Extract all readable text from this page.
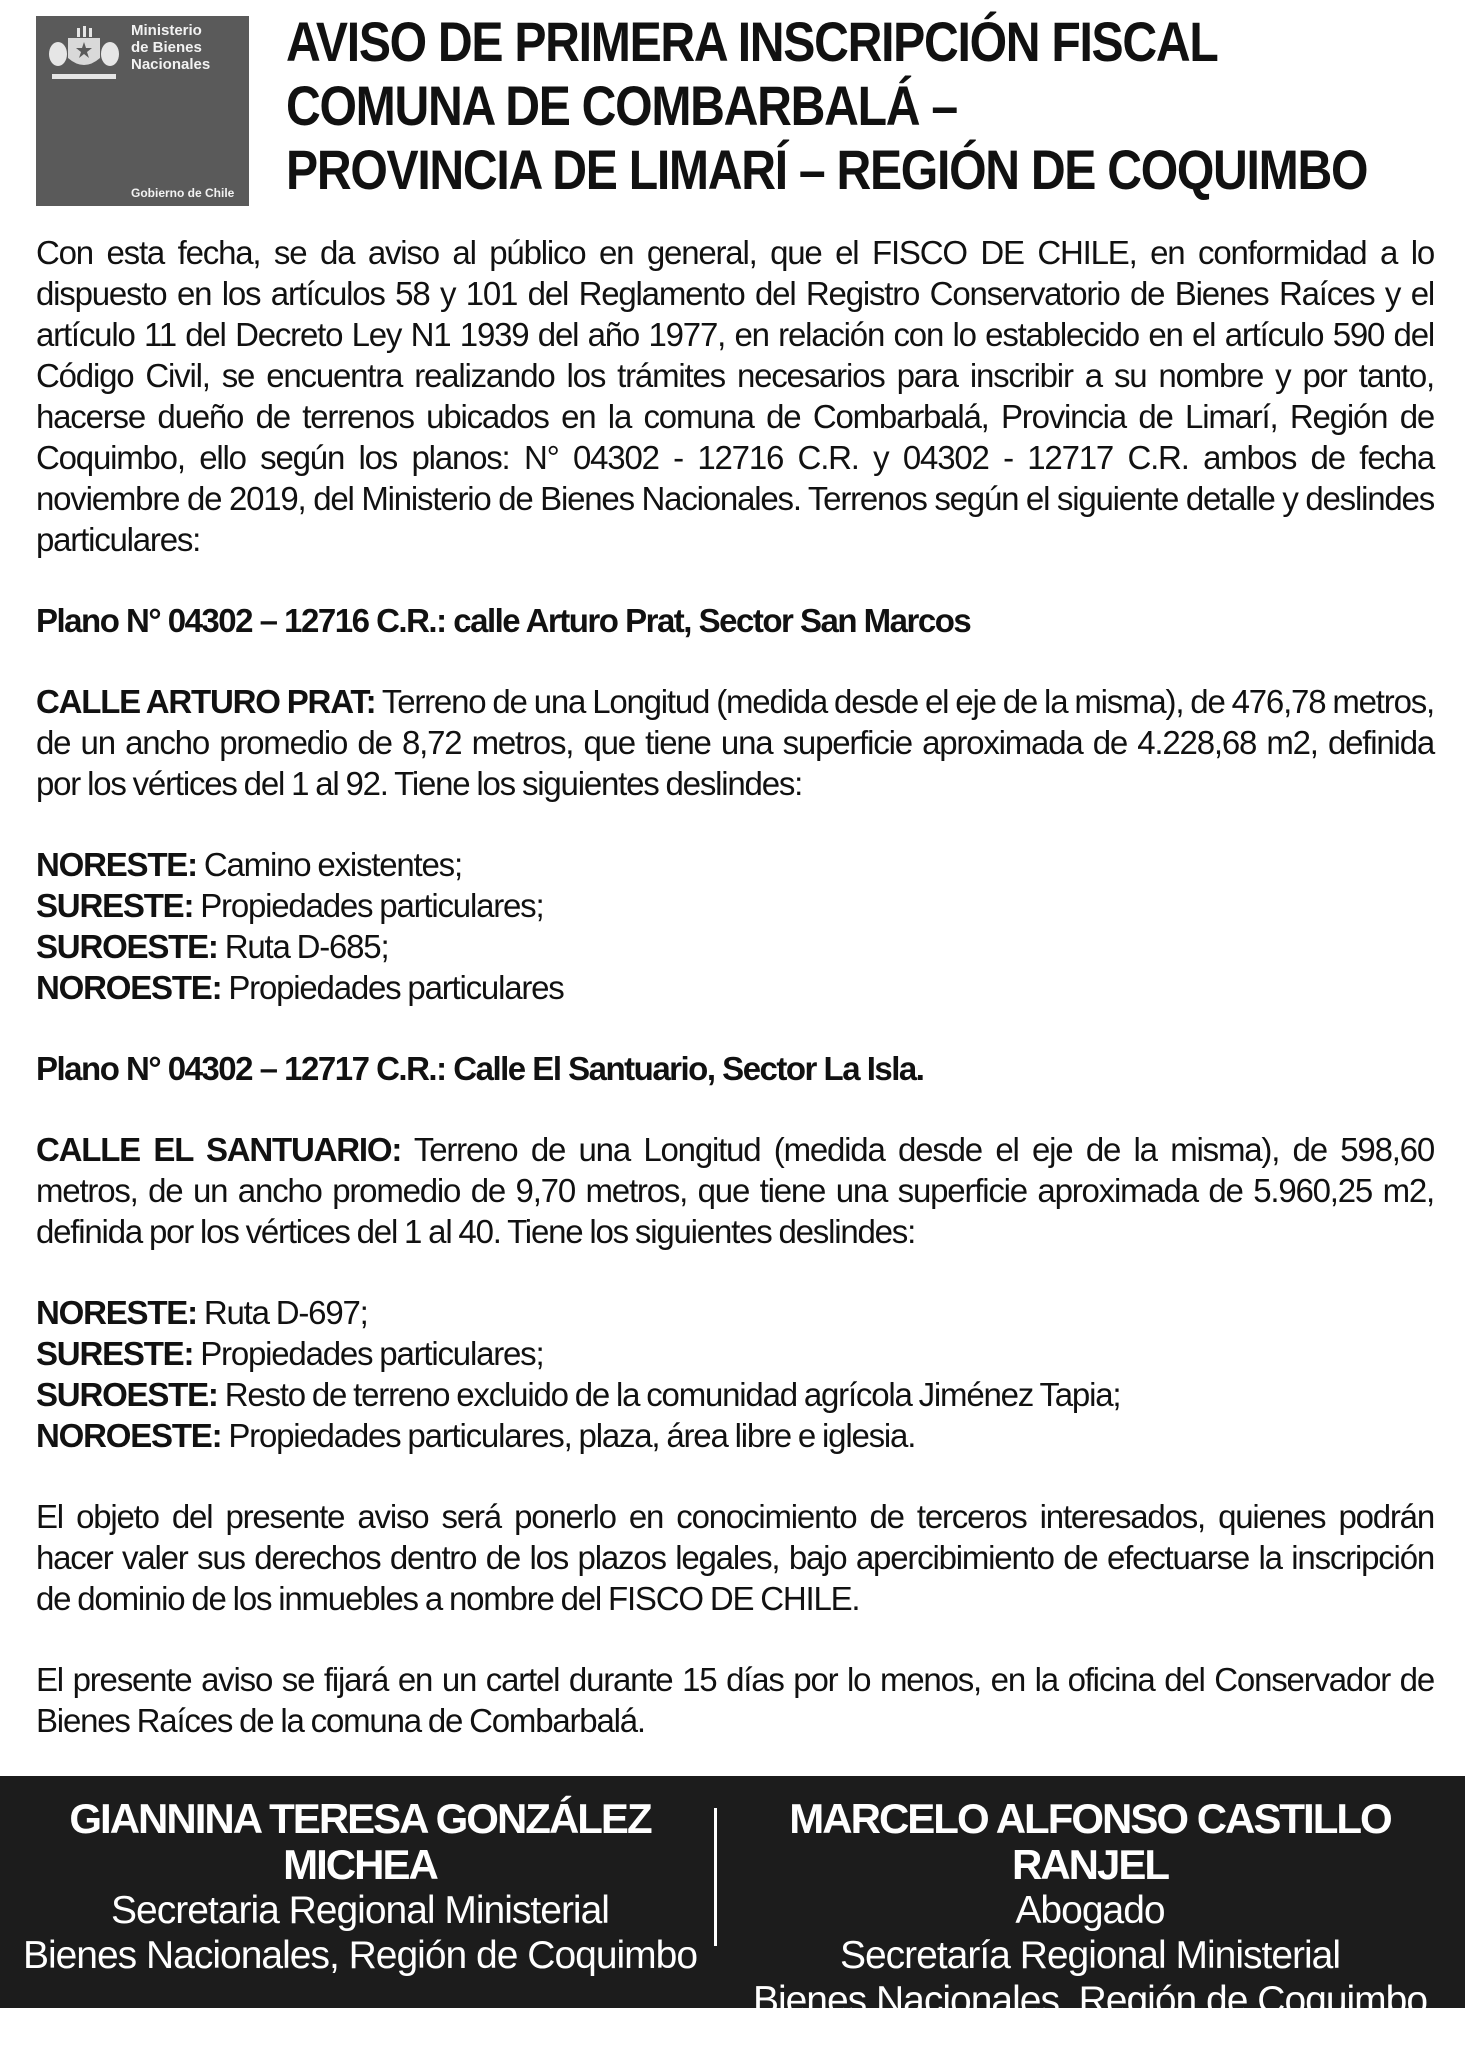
Ministerio
de Bienes
Nacionales

Gobierno de Chile

AVISO DE PRIMERA INSCRIPCIÓN FISCAL
COMUNA DE COMBARBALÁ –
PROVINCIA DE LIMARÍ – REGIÓN DE COQUIMBO

Con esta fecha, se da aviso al público en general, que el FISCO DE CHILE, en conformidad a lo dispuesto en los artículos 58 y 101 del Reglamento del Registro Conservatorio de Bienes Raíces y el artículo 11 del Decreto Ley N1 1939 del año 1977, en relación con lo establecido en el artículo 590 del Código Civil, se encuentra realizando los trámites necesarios para inscribir a su nombre y por tanto, hacerse dueño de terrenos ubicados en la comuna de Combarbalá, Provincia de Limarí, Región de Coquimbo, ello según los planos: N° 04302 - 12716 C.R. y 04302 - 12717 C.R. ambos de fecha noviembre de 2019, del Ministerio de Bienes Nacionales. Terrenos según el siguiente detalle y deslindes particulares:

Plano N° 04302 – 12716 C.R.: calle Arturo Prat, Sector San Marcos

CALLE ARTURO PRAT: Terreno de una Longitud (medida desde el eje de la misma), de 476,78 metros, de un ancho promedio de 8,72 metros, que tiene una superficie aproximada de 4.228,68 m2, definida por los vértices del 1 al 92. Tiene los siguientes deslindes:

NORESTE: Camino existentes;

SURESTE: Propiedades particulares;

SUROESTE: Ruta D-685;

NOROESTE: Propiedades particulares

Plano N° 04302 – 12717 C.R.: Calle El Santuario, Sector La Isla.

CALLE EL SANTUARIO: Terreno de una Longitud (medida desde el eje de la misma), de 598,60 metros, de un ancho promedio de 9,70 metros, que tiene una superficie aproximada de 5.960,25 m2, definida por los vértices del 1 al 40. Tiene los siguientes deslindes:

NORESTE: Ruta D-697;

SURESTE: Propiedades particulares;

SUROESTE: Resto de terreno excluido de la comunidad agrícola Jiménez Tapia;

NOROESTE: Propiedades particulares, plaza, área libre e iglesia.

El objeto del presente aviso será ponerlo en conocimiento de terceros interesados, quienes podrán hacer valer sus derechos dentro de los plazos legales, bajo apercibimiento de efectuarse la inscripción de dominio de los inmuebles a nombre del FISCO DE CHILE.

El presente aviso se fijará en un cartel durante 15 días por lo menos, en la oficina del Conservador de Bienes Raíces de la comuna de Combarbalá.

GIANNINA TERESA GONZÁLEZ MICHEA

Secretaria Regional Ministerial

Bienes Nacionales, Región de Coquimbo

MARCELO ALFONSO CASTILLO RANJEL

Abogado

Secretaría Regional Ministerial

Bienes Nacionales, Región de Coquimbo
